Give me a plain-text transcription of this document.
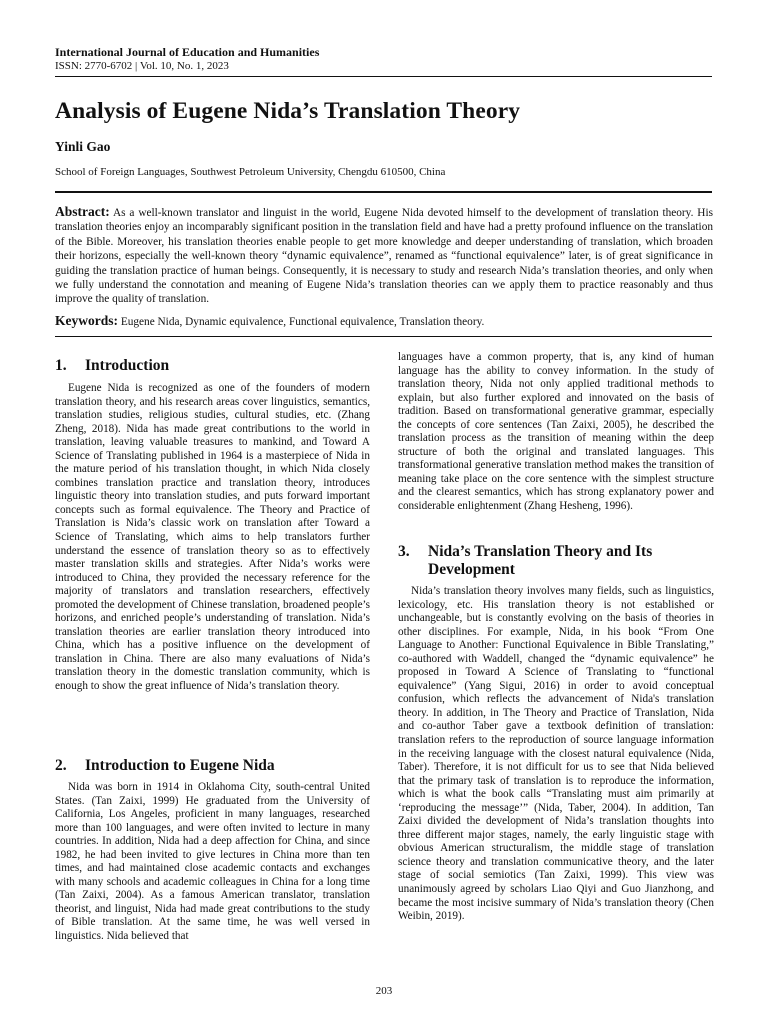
International Journal of Education and Humanities
ISSN: 2770-6702 | Vol. 10, No. 1, 2023
Analysis of Eugene Nida’s Translation Theory
Yinli Gao
School of Foreign Languages, Southwest Petroleum University, Chengdu 610500, China
Abstract: As a well-known translator and linguist in the world, Eugene Nida devoted himself to the development of translation theory. His translation theories enjoy an incomparably significant position in the translation field and have had a pretty profound influence on the translation of the Bible. Moreover, his translation theories enable people to get more knowledge and deeper understanding of translation, which broaden their horizons, especially the well-known theory “dynamic equivalence”, renamed as “functional equivalence” later, is of great significance in guiding the translation practice of human beings. Consequently, it is necessary to study and research Nida’s translation theories, and only when we fully understand the connotation and meaning of Eugene Nida’s translation theories can we apply them to practice reasonably and thus improve the quality of translation.
Keywords: Eugene Nida, Dynamic equivalence, Functional equivalence, Translation theory.
1.	Introduction

Eugene Nida is recognized as one of the founders of modern translation theory, and his research areas cover linguistics, semantics, translation studies, religious studies, cultural studies, etc. (Zhang Zheng, 2018). Nida has made great contributions to the world in translation, leaving valuable treasures to mankind, and Toward A Science of Translating published in 1964 is a masterpiece of Nida in the mature period of his translation thought, in which Nida closely combines translation practice and translation theory, introduces linguistic theory into translation studies, and puts forward important concepts such as formal equivalence. The Theory and Practice of Translation is Nida’s classic work on translation after Toward a Science of Translating, which aims to help translators further understand the essence of translation theory so as to effectively master translation skills and strategies. After Nida’s works were introduced to China, they provided the necessary reference for the majority of translators and translation researchers, effectively promoted the development of Chinese translation, broadened people’s horizons, and enriched people’s understanding of translation. Nida’s translation theories are earlier translation theory introduced into China, which has a positive influence on the development of translation in China. There are also many evaluations of Nida’s translation theory in the domestic translation community, which is enough to show the great influence of Nida’s translation theory.

2.	Introduction to Eugene Nida

Nida was born in 1914 in Oklahoma City, south-central United States. (Tan Zaixi, 1999) He graduated from the University of California, Los Angeles, proficient in many languages, researched more than 100 languages, and were often invited to lecture in many countries. In addition, Nida had a deep affection for China, and since 1982, he had been invited to give lectures in China more than ten times, and had maintained close academic contacts and exchanges with many schools and academic colleagues in China for a long time (Tan Zaixi, 2004). As a famous American translator, translation theorist, and linguist, Nida had made great contributions to the study of Bible translation. At the same time, he was well versed in linguistics. Nida believed that

languages have a common property, that is, any kind of human language has the ability to convey information. In the study of translation theory, Nida not only applied traditional methods to explain, but also further explored and innovated on the basis of tradition. Based on transformational generative grammar, especially the concepts of core sentences (Tan Zaixi, 2005), he described the translation process as the transition of meaning within the deep structure of both the original and translated languages. This transformational generative translation method makes the transition of meaning take place on the core sentence with the simplest structure and the clearest semantics, which has strong explanatory power and considerable enlightenment (Zhang Hesheng, 1996).

3.	Nida’s Translation Theory and Its
Development

Nida’s translation theory involves many fields, such as linguistics, lexicology, etc. His translation theory is not established or unchangeable, but is constantly evolving on the basis of theories in other disciplines. For example, Nida, in his book “From One Language to Another: Functional Equivalence in Bible Translating,” co-authored with Waddell, changed the “dynamic equivalence” he proposed in Toward A Science of Translating to “functional equivalence” (Yang Sigui, 2016) in order to avoid conceptual confusion, which reflects the advancement of Nida's translation theory. In addition, in The Theory and Practice of Translation, Nida and co-author Taber gave a textbook definition of translation: translation refers to the reproduction of source language information in the receiving language with the closest natural equivalence (Nida, Taber). Therefore, it is not difficult for us to see that Nida believed that the primary task of translation is to reproduce the information, which is what the book calls “Translating must aim primarily at ‘reproducing the message’” (Nida, Taber, 2004). In addition, Tan Zaixi divided the development of Nida’s translation thoughts into three different major stages, namely, the early linguistic stage with obvious American structuralism, the middle stage of translation science theory and translation communicative theory, and the later stage of social semiotics (Tan Zaixi, 1999). This view was unanimously agreed by scholars Liao Qiyi and Guo Jianzhong, and became the most incisive summary of Nida’s translation theory (Chen Weibin, 2019).

203
